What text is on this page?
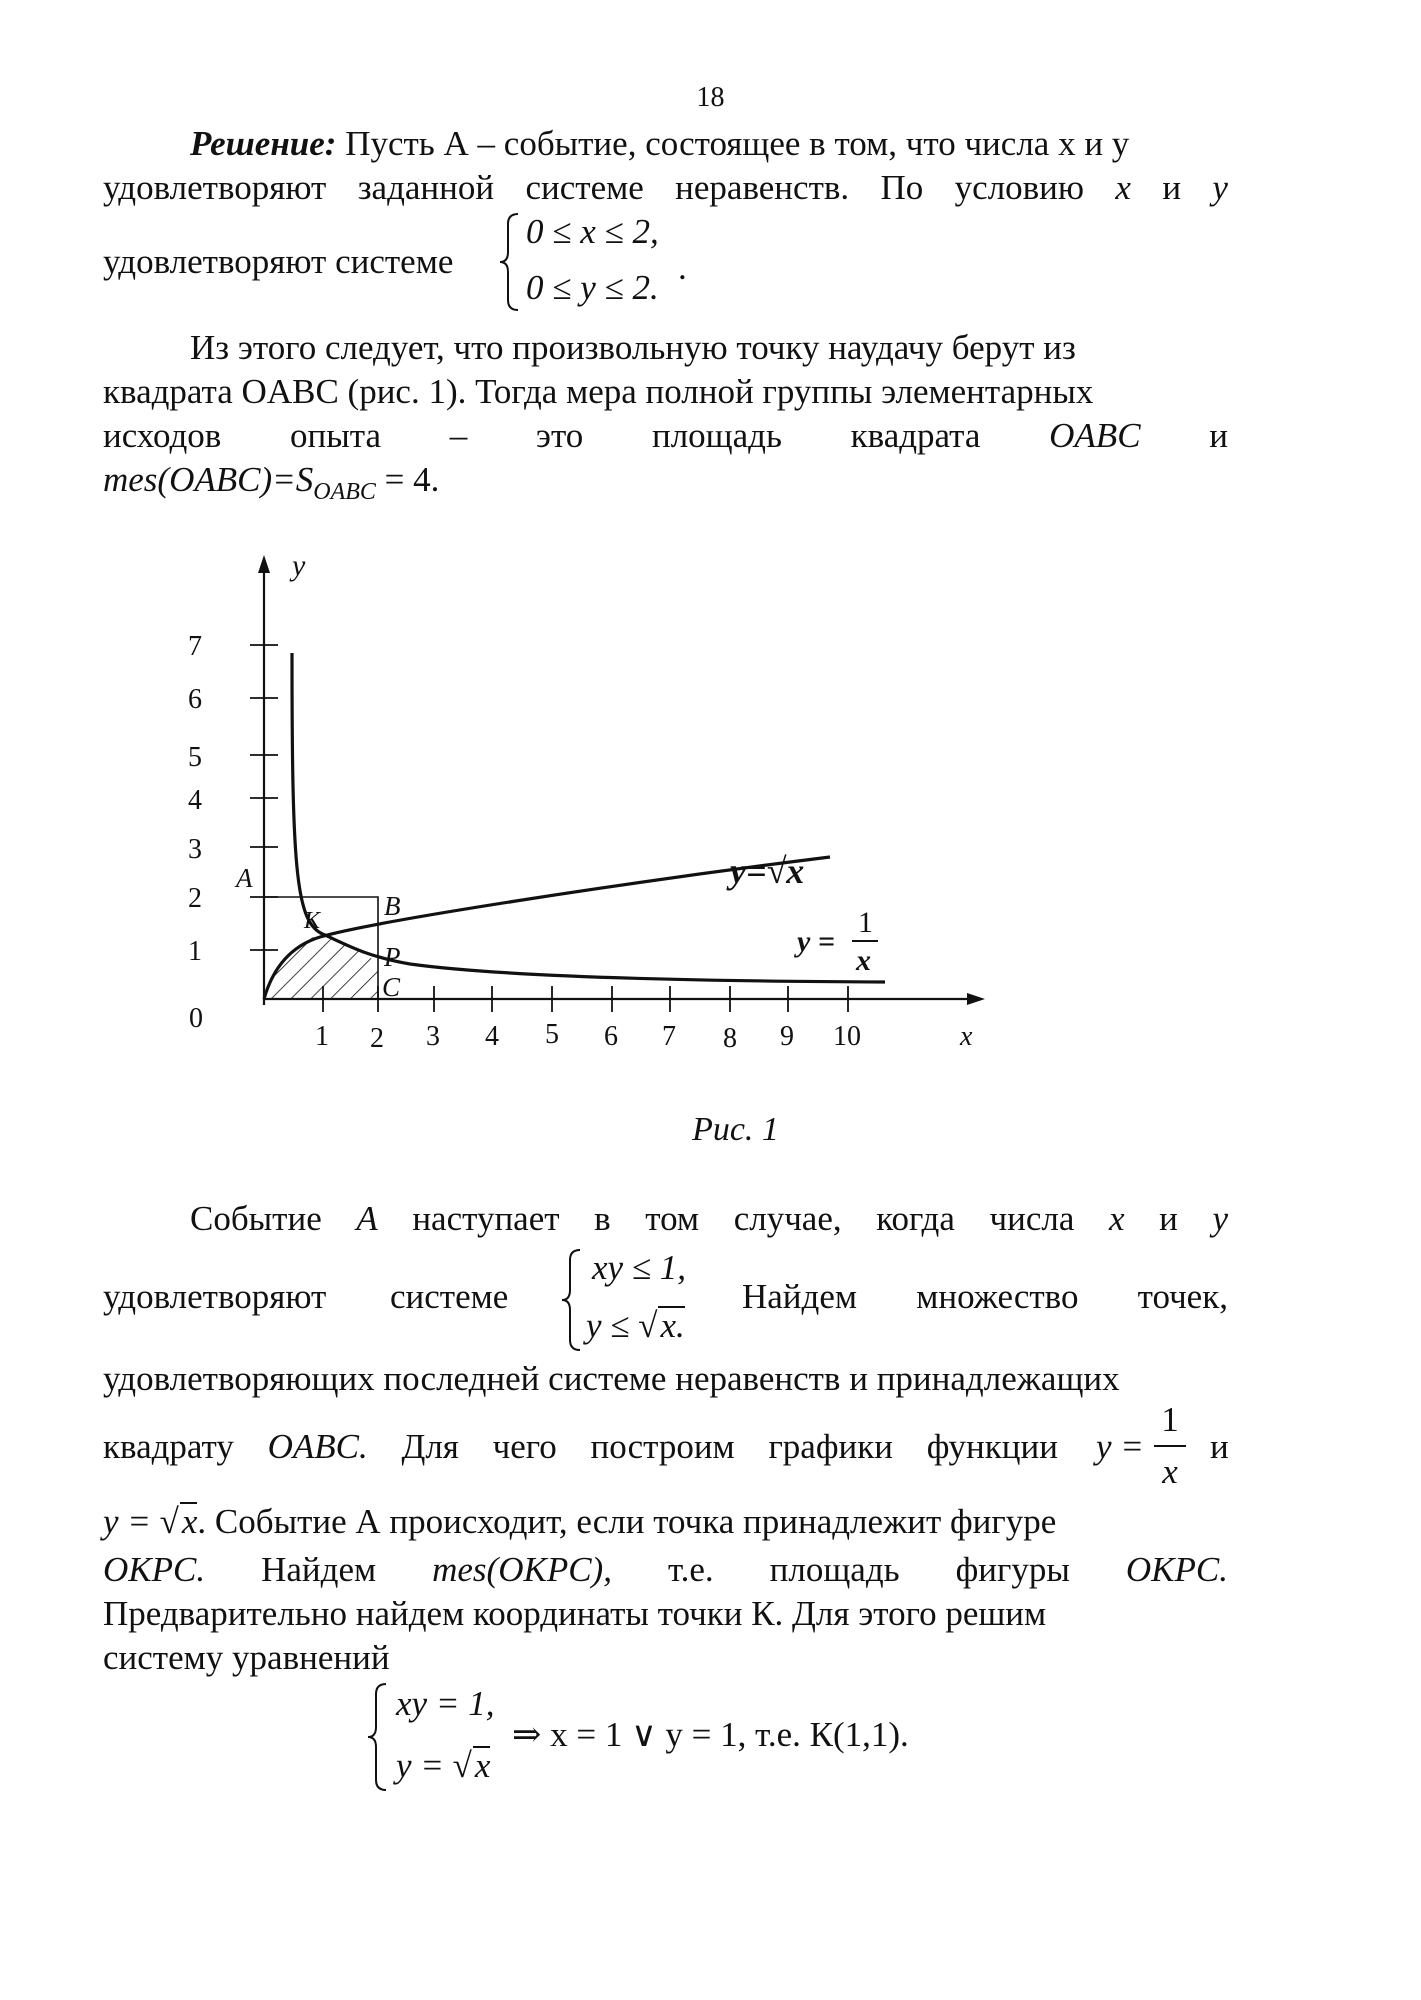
18
Решение: Пусть А – событие, состоящее в том, что числа x и y
удовлетворяют заданной системе неравенств. По условию x и y
удовлетворяют системе
0 ≤ x ≤ 2,
0 ≤ y ≤ 2.
.
Из этого следует, что произвольную точку наудачу берут из
квадрата OABC (рис. 1). Тогда мера полной группы элементарных
исходов опыта – это площадь квадрата OABC и
$mes(OABC)=S_{OABC} = 4$.
y
x
0
1
2
3
4
5
6
7
1 2 3 4 5 6 7 8 9 10
A
B
K
P
C
y=√x
y =
1
x
Рис. 1
Событие А наступает в том случае, когда числа x и y
удовлетворяют системе
xy ≤ 1,
y ≤ √x.
Найдем множество точек,
удовлетворяющих последней системе неравенств и принадлежащих
квадрату OABC. Для чего построим графики функции y =
1
x
и
y = √x. Событие А происходит, если точка принадлежит фигуре
OKPC. Найдем mes(OKPC), т.е. площадь фигуры OKPC.
Предварительно найдем координаты точки К. Для этого решим
систему уравнений
xy = 1,
y = √x
⇒ x = 1 ∨ y = 1, т.е. К(1,1).
